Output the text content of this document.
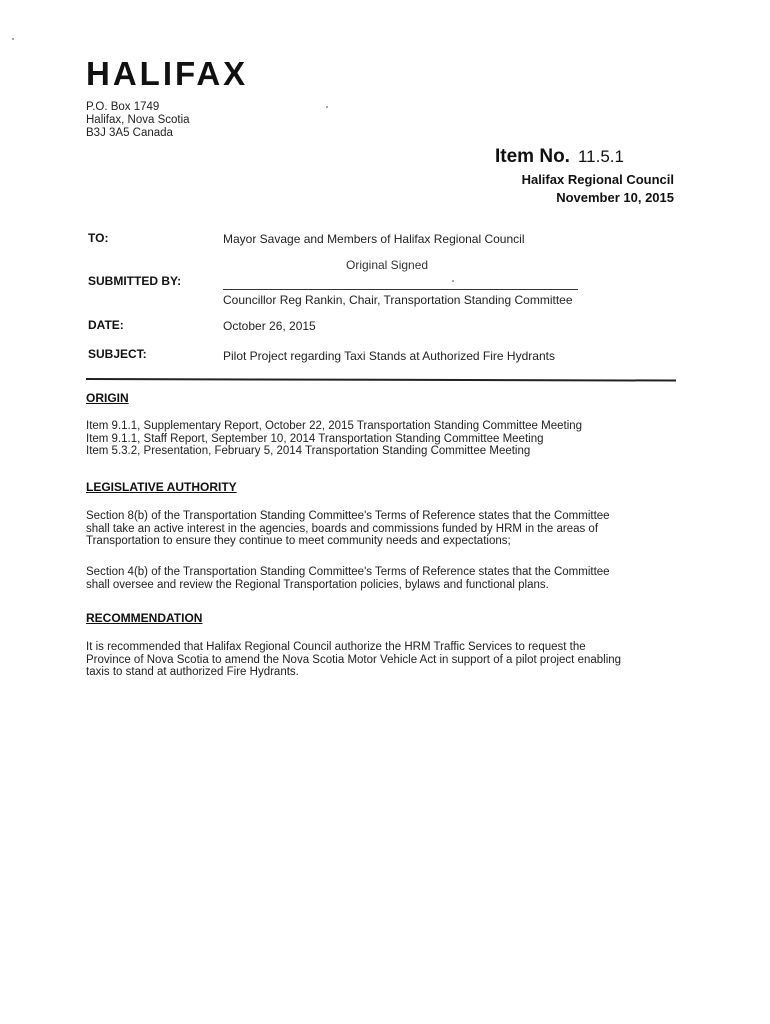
HALIFAX
P.O. Box 1749
Halifax, Nova Scotia
B3J 3A5 Canada
Item No. 11.5.1
Halifax Regional Council
November 10, 2015
TO:	Mayor Savage and Members of Halifax Regional Council
Original Signed
SUBMITTED BY:
Councillor Reg Rankin, Chair, Transportation Standing Committee
DATE:	October 26, 2015
SUBJECT:	Pilot Project regarding Taxi Stands at Authorized Fire Hydrants
ORIGIN
Item 9.1.1, Supplementary Report, October 22, 2015 Transportation Standing Committee Meeting
Item 9.1.1, Staff Report, September 10, 2014 Transportation Standing Committee Meeting
Item 5.3.2, Presentation, February 5, 2014 Transportation Standing Committee Meeting
LEGISLATIVE AUTHORITY
Section 8(b) of the Transportation Standing Committee's Terms of Reference states that the Committee
shall take an active interest in the agencies, boards and commissions funded by HRM in the areas of
Transportation to ensure they continue to meet community needs and expectations;
Section 4(b) of the Transportation Standing Committee's Terms of Reference states that the Committee
shall oversee and review the Regional Transportation policies, bylaws and functional plans.
RECOMMENDATION
It is recommended that Halifax Regional Council authorize the HRM Traffic Services to request the
Province of Nova Scotia to amend the Nova Scotia Motor Vehicle Act in support of a pilot project enabling
taxis to stand at authorized Fire Hydrants.
